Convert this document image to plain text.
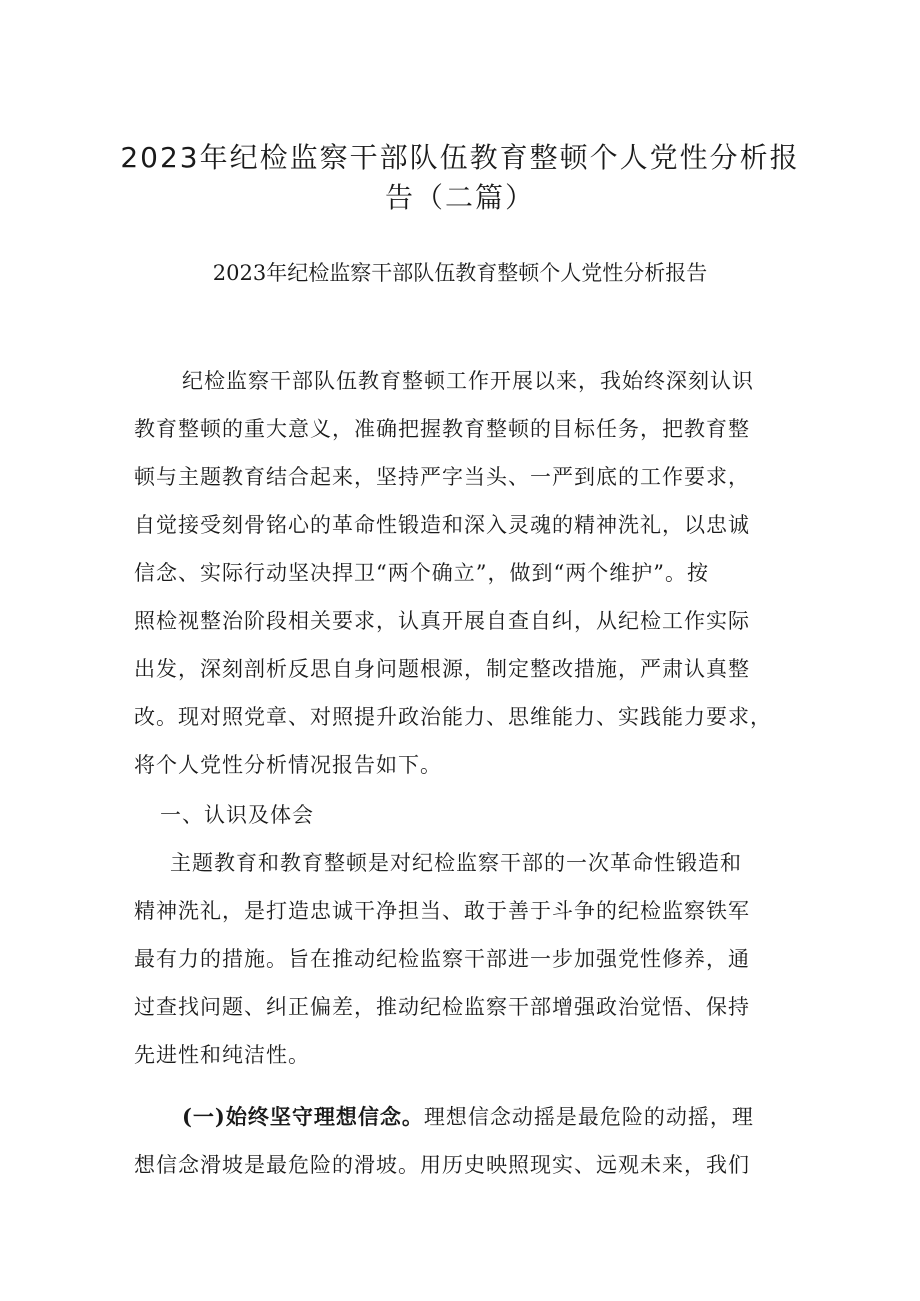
2023年纪检监察干部队伍教育整顿个人党性分析报
告（二篇）
2023年纪检监察干部队伍教育整顿个人党性分析报告
纪检监察干部队伍教育整顿工作开展以来，我始终深刻认识
教育整顿的重大意义，准确把握教育整顿的目标任务，把教育整
顿与主题教育结合起来，坚持严字当头、一严到底的工作要求，
自觉接受刻骨铭心的革命性锻造和深入灵魂的精神洗礼，以忠诚
信念、实际行动坚决捍卫“两个确立”，做到“两个维护”。按
照检视整治阶段相关要求，认真开展自查自纠，从纪检工作实际
出发，深刻剖析反思自身问题根源，制定整改措施，严肃认真整
改。现对照党章、对照提升政治能力、思维能力、实践能力要求，
将个人党性分析情况报告如下。
一、认识及体会
主题教育和教育整顿是对纪检监察干部的一次革命性锻造和
精神洗礼，是打造忠诚干净担当、敢于善于斗争的纪检监察铁军
最有力的措施。旨在推动纪检监察干部进一步加强党性修养，通
过查找问题、纠正偏差，推动纪检监察干部增强政治觉悟、保持
先进性和纯洁性。
(一)始终坚守理想信念。理想信念动摇是最危险的动摇，理
想信念滑坡是最危险的滑坡。用历史映照现实、远观未来，我们
